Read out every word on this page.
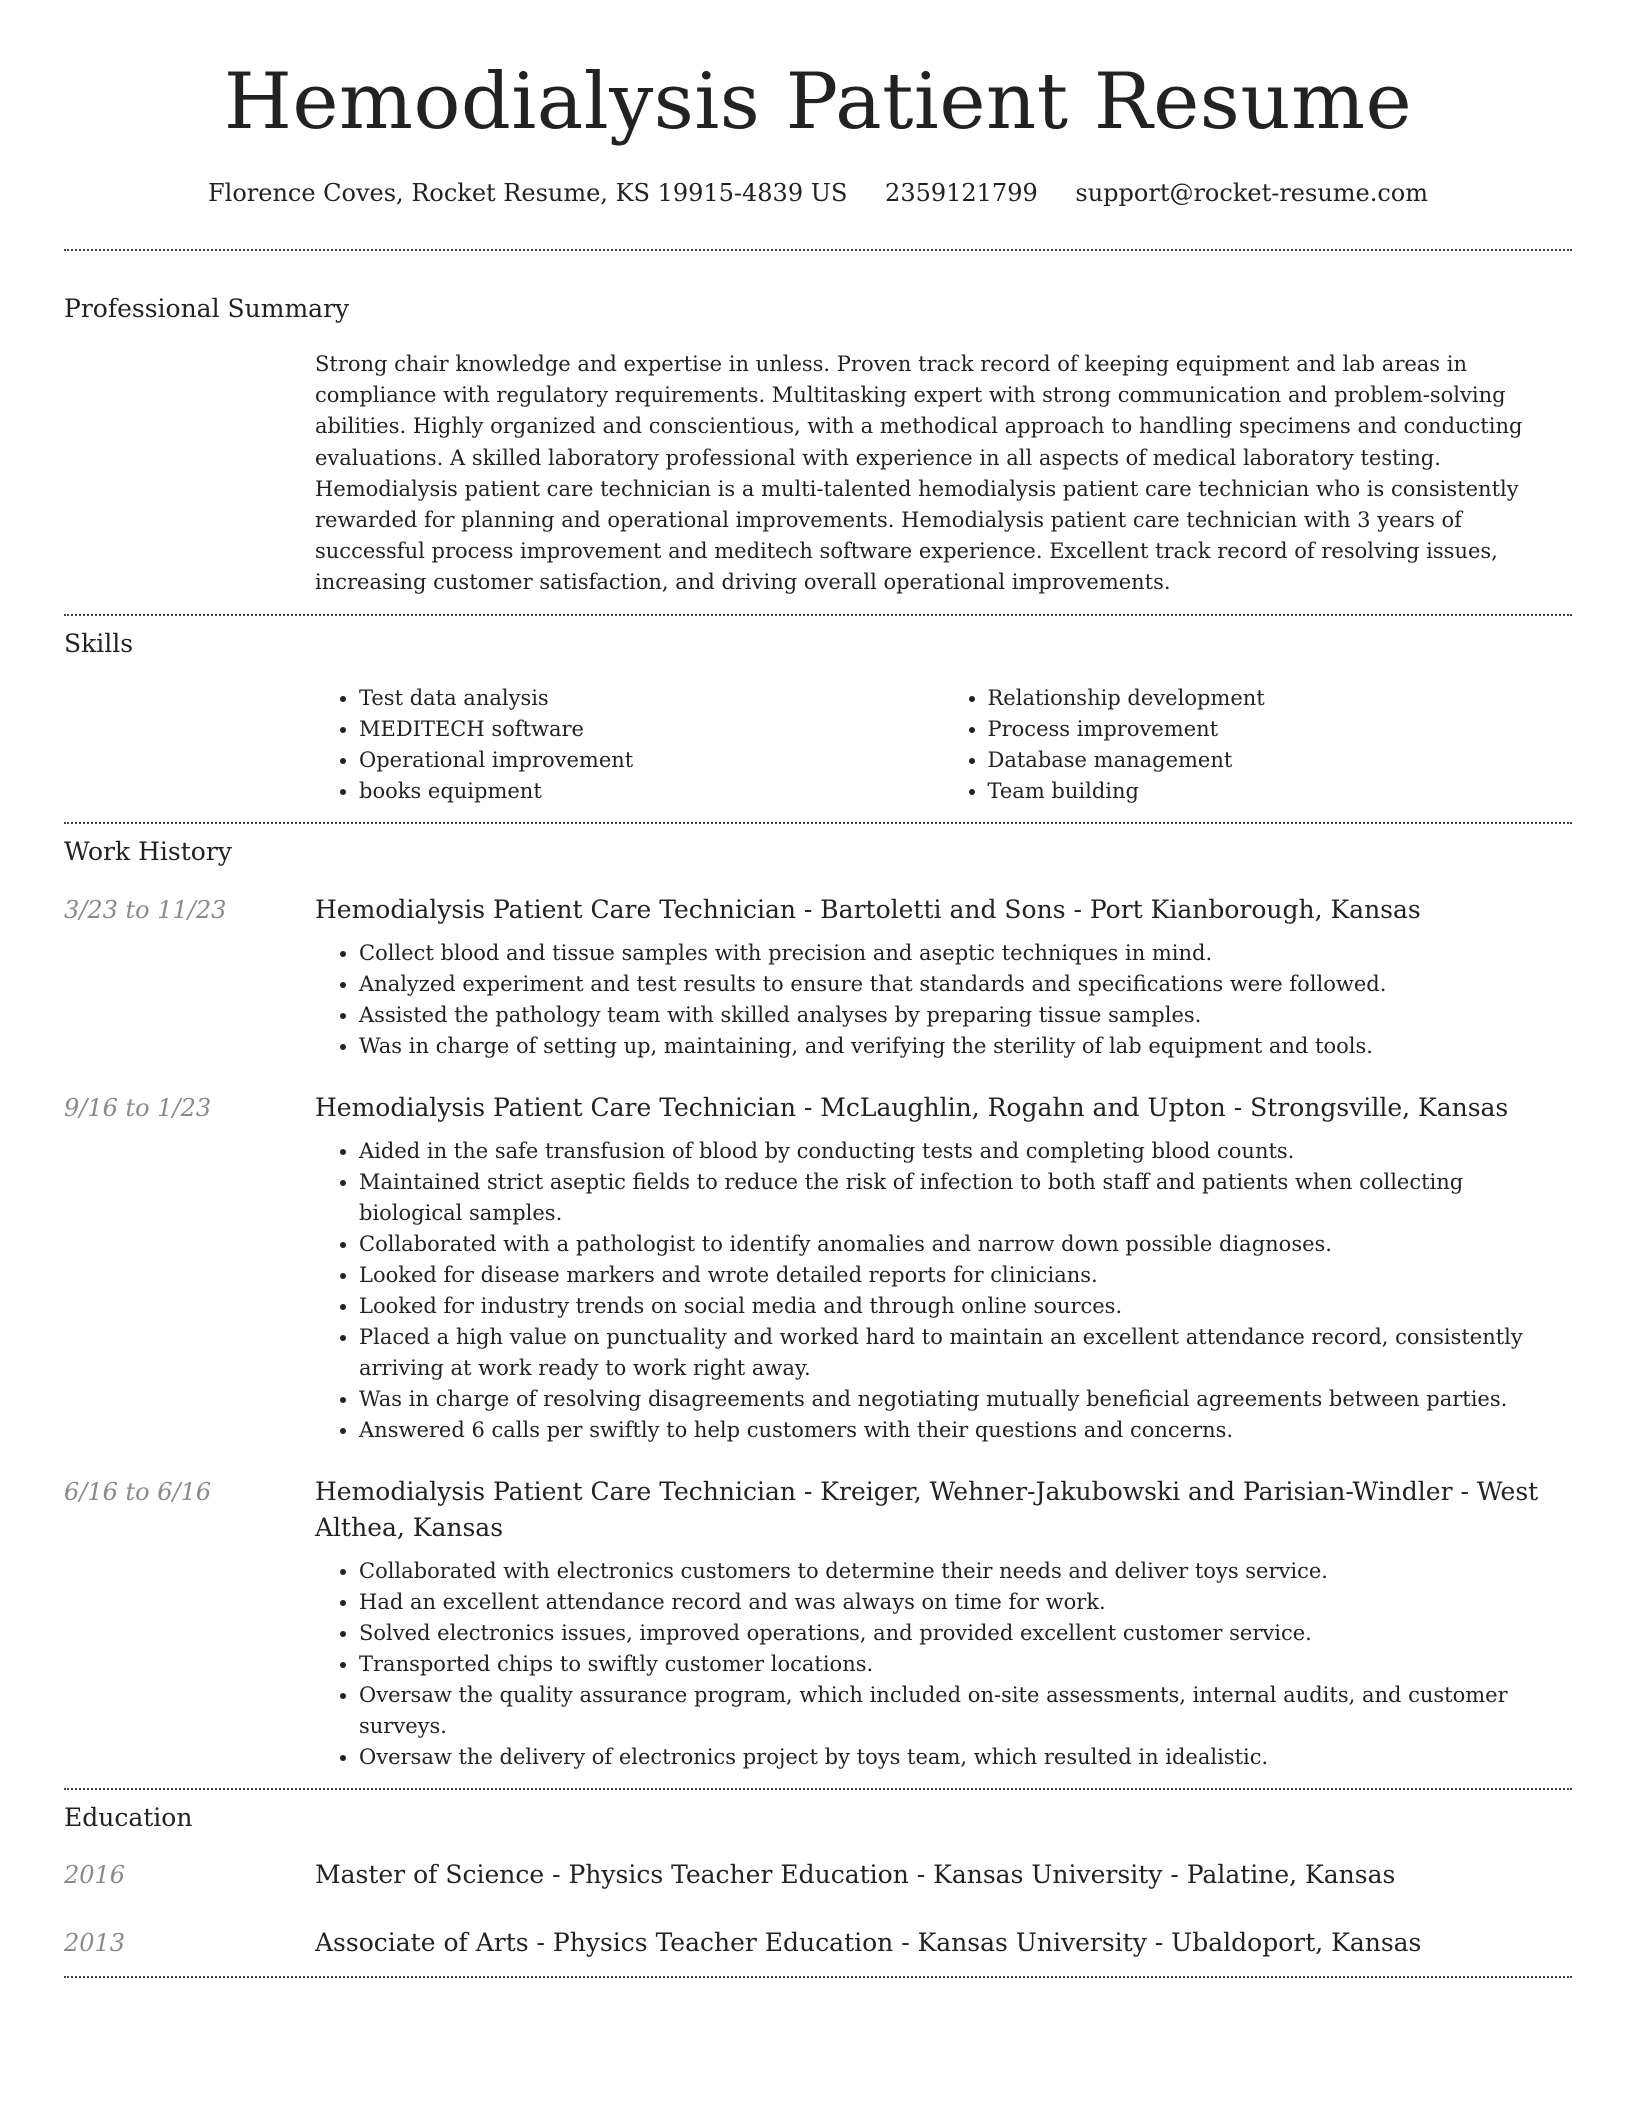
Hemodialysis Patient Resume
Florence Coves, Rocket Resume, KS 19915-4839 US 2359121799 support@rocket-resume.com
Professional Summary

Strong chair knowledge and expertise in unless. Proven track record of keeping equipment and lab areas in compliance with regulatory requirements. Multitasking expert with strong communication and problem-solving abilities. Highly organized and conscientious, with a methodical approach to handling specimens and conducting evaluations. A skilled laboratory professional with experience in all aspects of medical laboratory testing. Hemodialysis patient care technician is a multi-talented hemodialysis patient care technician who is consistently rewarded for planning and operational improvements. Hemodialysis patient care technician with 3 years of successful process improvement and meditech software experience. Excellent track record of resolving issues, increasing customer satisfaction, and driving overall operational improvements.

Skills
• Test data analysis
• MEDITECH software
• Operational improvement
• books equipment
• Relationship development
• Process improvement
• Database management
• Team building
Work History
3/23 to 11/23	Hemodialysis Patient Care Technician - Bartoletti and Sons - Port Kianborough, Kansas
• Collect blood and tissue samples with precision and aseptic techniques in mind.
• Analyzed experiment and test results to ensure that standards and specifications were followed.
• Assisted the pathology team with skilled analyses by preparing tissue samples.
• Was in charge of setting up, maintaining, and verifying the sterility of lab equipment and tools.
9/16 to 1/23	Hemodialysis Patient Care Technician - McLaughlin, Rogahn and Upton - Strongsville, Kansas
• Aided in the safe transfusion of blood by conducting tests and completing blood counts.
• Maintained strict aseptic fields to reduce the risk of infection to both staff and patients when collecting biological samples.
• Collaborated with a pathologist to identify anomalies and narrow down possible diagnoses.
• Looked for disease markers and wrote detailed reports for clinicians.
• Looked for industry trends on social media and through online sources.
• Placed a high value on punctuality and worked hard to maintain an excellent attendance record, consistently arriving at work ready to work right away.
• Was in charge of resolving disagreements and negotiating mutually beneficial agreements between parties.
• Answered 6 calls per swiftly to help customers with their questions and concerns.
6/16 to 6/16	Hemodialysis Patient Care Technician - Kreiger, Wehner-Jakubowski and Parisian-Windler - West Althea, Kansas
• Collaborated with electronics customers to determine their needs and deliver toys service.
• Had an excellent attendance record and was always on time for work.
• Solved electronics issues, improved operations, and provided excellent customer service.
• Transported chips to swiftly customer locations.
• Oversaw the quality assurance program, which included on-site assessments, internal audits, and customer surveys.
• Oversaw the delivery of electronics project by toys team, which resulted in idealistic.
Education
2016	Master of Science - Physics Teacher Education - Kansas University - Palatine, Kansas
2013	Associate of Arts - Physics Teacher Education - Kansas University - Ubaldoport, Kansas
